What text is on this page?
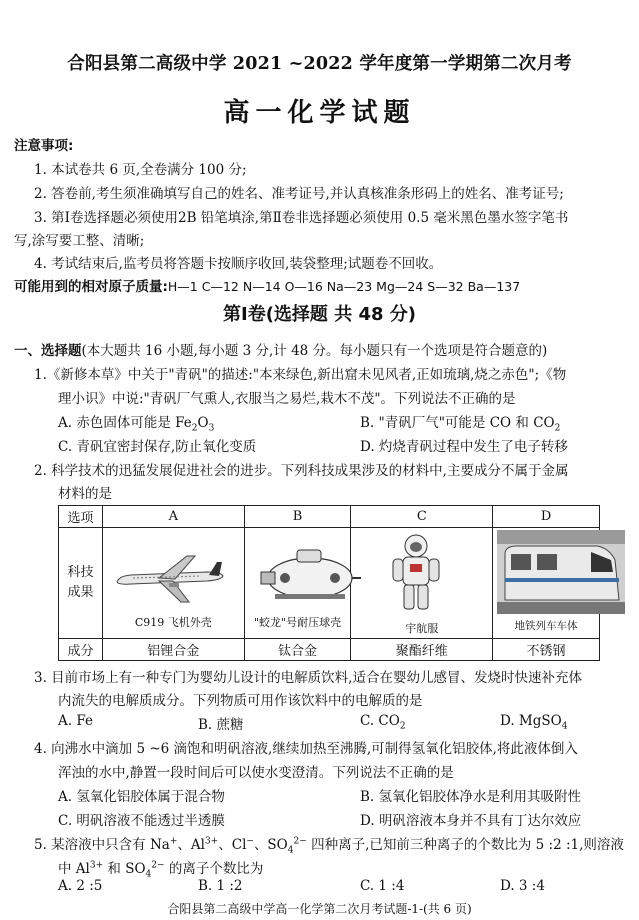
合阳县第二高级中学 2021 ~2022 学年度第一学期第二次月考
高一化学试题
注意事项:
1. 本试卷共 6 页,全卷满分 100 分;
2. 答卷前,考生须准确填写自己的姓名、准考证号,并认真核准条形码上的姓名、准考证号;
3. 第Ⅰ卷选择题必须使用2B 铅笔填涂,第Ⅱ卷非选择题必须使用 0.5 毫米黑色墨水签字笔书
写,涂写要工整、清晰;
4. 考试结束后,监考员将答题卡按顺序收回,装袋整理;试题卷不回收。
可能用到的相对原子质量:H—1 C—12 N—14 O—16 Na—23 Mg—24 S—32 Ba—137
第Ⅰ卷(选择题 共 48 分)
一、选择题(本大题共 16 小题,每小题 3 分,计 48 分。每小题只有一个选项是符合题意的)
1.《新修本草》中关于"青矾"的描述:"本来绿色,新出窟未见风者,正如琉璃,烧之赤色";《物
理小识》中说:"青矾厂气熏人,衣服当之易烂,栽木不茂"。下列说法不正确的是
A. 赤色固体可能是 $Fe_2O_3$	B. "青矾厂气"可能是 CO 和 $CO_2$
C. 青矾宜密封保存,防止氧化变质	D. 灼烧青矾过程中发生了电子转移
2. 科学技术的迅猛发展促进社会的进步。下列科技成果涉及的材料中,主要成分不属于金属
材料的是
选项	A	B	C	D

科技
成果	C919 飞机外壳	"蛟龙"号耐压球壳	宇航服	地铁列车车体

成分	铝锂合金	钛合金	聚酯纤维	不锈钢
3. 目前市场上有一种专门为婴幼儿设计的电解质饮料,适合在婴幼儿感冒、发烧时快速补充体
内流失的电解质成分。下列物质可用作该饮料中的电解质的是
A. Fe	B. 蔗糖	C. $CO_2$	D. MgSO$_4$
4. 向沸水中滴加 5 ~6 滴饱和明矾溶液,继续加热至沸腾,可制得氢氧化铝胶体,将此液体倒入
浑浊的水中,静置一段时间后可以使水变澄清。下列说法不正确的是
A. 氢氧化铝胶体属于混合物	B. 氢氧化铝胶体净水是利用其吸附性
C. 明矾溶液不能透过半透膜	D. 明矾溶液本身并不具有丁达尔效应
5. 某溶液中只含有 Na+、$Al^{3+}$、Cl−、$SO_4^{2-}$ 四种离子,已知前三种离子的个数比为 5 :2 :1,则溶液
中 $Al^{3+}$ 和 $SO_4^{2-}$ 的离子个数比为
A. 2 :5	B. 1 :2	C. 1 :4	D. 3 :4
合阳县第二高级中学高一化学第二次月考试题-1-(共 6 页)
